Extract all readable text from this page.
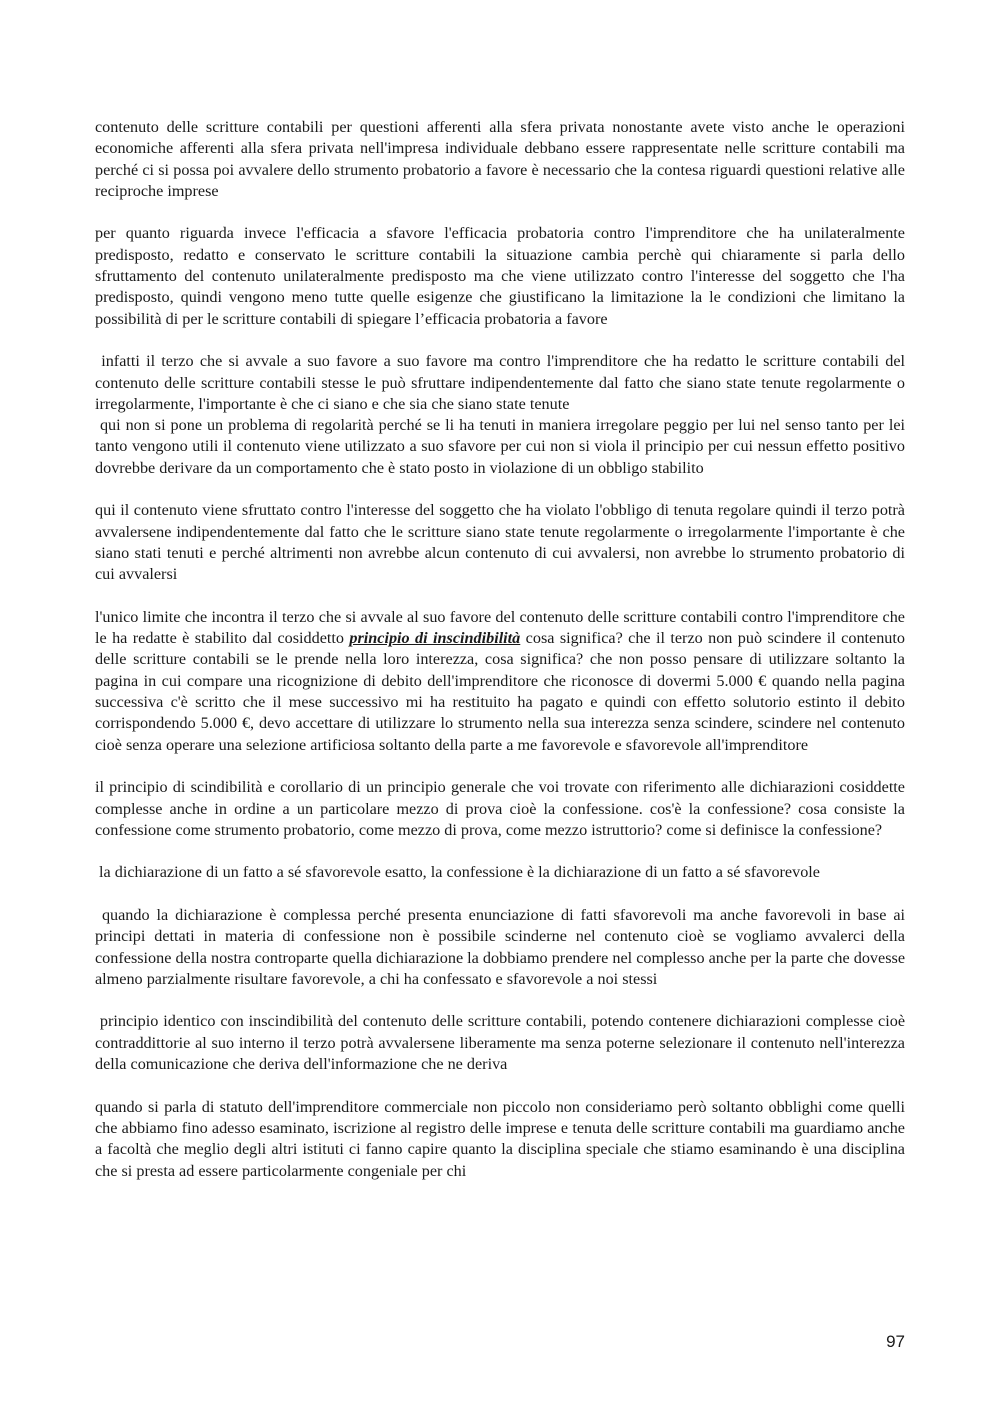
contenuto delle scritture contabili per questioni afferenti alla sfera privata nonostante avete visto anche le operazioni economiche afferenti alla sfera privata nell'impresa individuale debbano essere rappresentate nelle scritture contabili ma perché ci si possa poi avvalere dello strumento probatorio a favore è necessario che la contesa riguardi questioni relative alle reciproche imprese

per quanto riguarda invece l'efficacia a sfavore l'efficacia probatoria contro l'imprenditore che ha unilateralmente predisposto, redatto e conservato le scritture contabili la situazione cambia perchè qui chiaramente si parla dello sfruttamento del contenuto unilateralmente predisposto ma che viene utilizzato contro l'interesse del soggetto che l'ha predisposto, quindi vengono meno tutte quelle esigenze che giustificano la limitazione la le condizioni che limitano la possibilità di per le scritture contabili di spiegare l’efficacia probatoria a favore

infatti il terzo che si avvale a suo favore a suo favore ma contro l'imprenditore che ha redatto le scritture contabili del contenuto delle scritture contabili stesse le può sfruttare indipendentemente dal fatto che siano state tenute regolarmente o irregolarmente, l'importante è che ci siano e che sia che siano state tenute

qui non si pone un problema di regolarità perché se li ha tenuti in maniera irregolare peggio per lui nel senso tanto per lei tanto vengono utili il contenuto viene utilizzato a suo sfavore per cui non si viola il principio per cui nessun effetto positivo dovrebbe derivare da un comportamento che è stato posto in violazione di un obbligo stabilito

qui il contenuto viene sfruttato contro l'interesse del soggetto che ha violato l'obbligo di tenuta regolare quindi il terzo potrà avvalersene indipendentemente dal fatto che le scritture siano state tenute regolarmente o irregolarmente l'importante è che siano stati tenuti e perché altrimenti non avrebbe alcun contenuto di cui avvalersi, non avrebbe lo strumento probatorio di cui avvalersi

l'unico limite che incontra il terzo che si avvale al suo favore del contenuto delle scritture contabili contro l'imprenditore che le ha redatte è stabilito dal cosiddetto principio di inscindibilità cosa significa? che il terzo non può scindere il contenuto delle scritture contabili se le prende nella loro interezza, cosa significa? che non posso pensare di utilizzare soltanto la pagina in cui compare una ricognizione di debito dell'imprenditore che riconosce di dovermi 5.000 € quando nella pagina successiva c'è scritto che il mese successivo mi ha restituito ha pagato e quindi con effetto solutorio estinto il debito corrispondendo 5.000 €, devo accettare di utilizzare lo strumento nella sua interezza senza scindere, scindere nel contenuto cioè senza operare una selezione artificiosa soltanto della parte a me favorevole e sfavorevole all'imprenditore

il principio di scindibilità e corollario di un principio generale che voi trovate con riferimento alle dichiarazioni cosiddette complesse anche in ordine a un particolare mezzo di prova cioè la confessione. cos'è la confessione? cosa consiste la confessione come strumento probatorio, come mezzo di prova, come mezzo istruttorio? come si definisce la confessione?

la dichiarazione di un fatto a sé sfavorevole esatto, la confessione è la dichiarazione di un fatto a sé sfavorevole

quando la dichiarazione è complessa perché presenta enunciazione di fatti sfavorevoli ma anche favorevoli in base ai principi dettati in materia di confessione non è possibile scinderne nel contenuto cioè se vogliamo avvalerci della confessione della nostra controparte quella dichiarazione la dobbiamo prendere nel complesso anche per la parte che dovesse almeno parzialmente risultare favorevole, a chi ha confessato e sfavorevole a noi stessi

principio identico con inscindibilità del contenuto delle scritture contabili, potendo contenere dichiarazioni complesse cioè contraddittorie al suo interno il terzo potrà avvalersene liberamente ma senza poterne selezionare il contenuto nell'interezza della comunicazione che deriva dell'informazione che ne deriva

quando si parla di statuto dell'imprenditore commerciale non piccolo non consideriamo però soltanto obblighi come quelli che abbiamo fino adesso esaminato, iscrizione al registro delle imprese e tenuta delle scritture contabili ma guardiamo anche a facoltà che meglio degli altri istituti ci fanno capire quanto la disciplina speciale che stiamo esaminando è una disciplina che si presta ad essere particolarmente congeniale per chi

97
